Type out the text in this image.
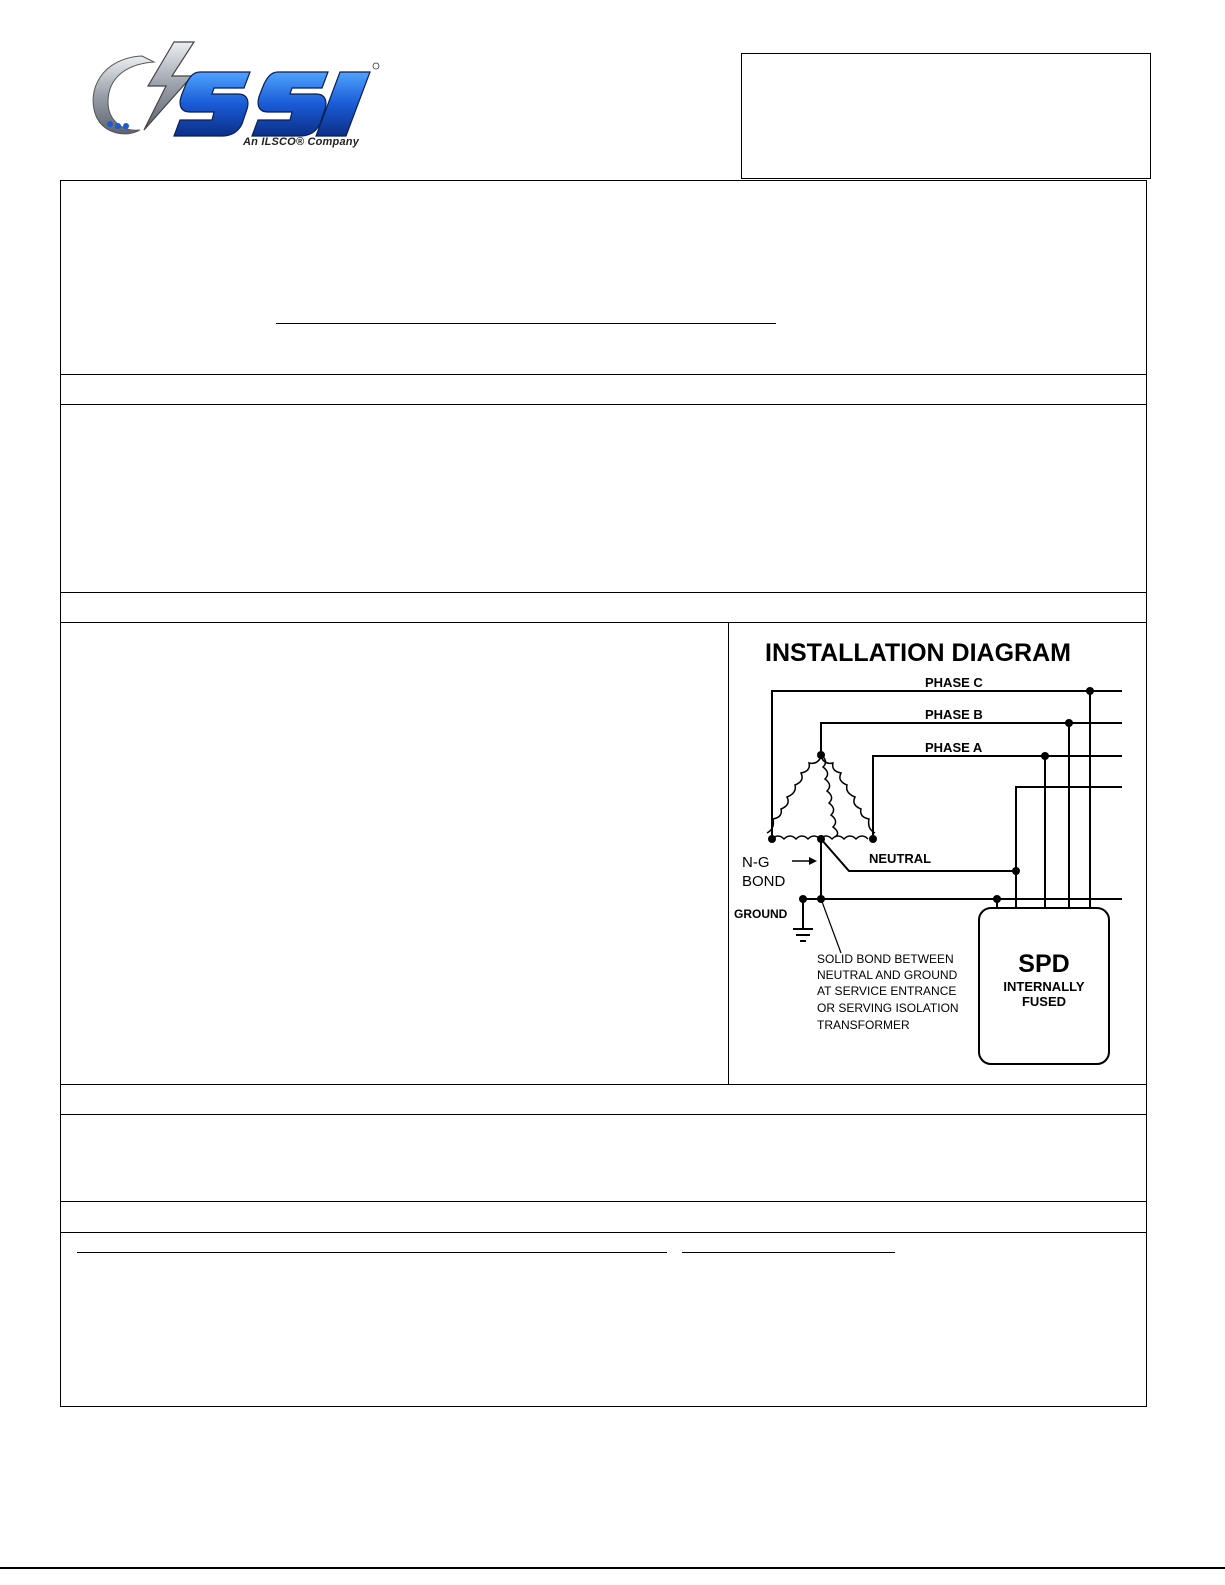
An ILSCO® Company
INSTALLATION DIAGRAM
PHASE C
PHASE B
PHASE A
NEUTRAL
N-G
BOND
GROUND
SOLID BOND BETWEEN
NEUTRAL AND GROUND
AT SERVICE ENTRANCE
OR SERVING ISOLATION
TRANSFORMER
SPD
INTERNALLY
FUSED
